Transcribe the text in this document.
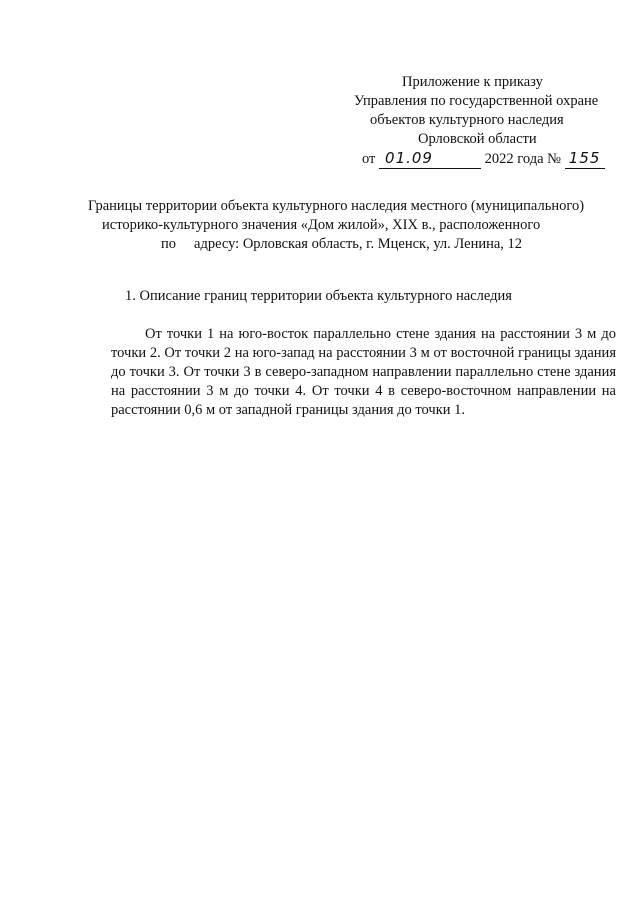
Приложение к приказу
Управления по государственной охране
объектов культурного наследия
Орловской области
от 01.09	2022 года № 155
Границы территории объекта культурного наследия местного (муниципального)
историко-культурного значения «Дом жилой», XIX в., расположенного
по адресу: Орловская область, г. Мценск, ул. Ленина, 12
1. Описание границ территории объекта культурного наследия
От точки 1 на юго-восток параллельно стене здания на расстоянии 3 м до точки 2. От точки 2 на юго-запад на расстоянии 3 м от восточной границы здания до точки 3. От точки 3 в северо-западном направлении параллельно стене здания на расстоянии 3 м до точки 4. От точки 4 в северо-восточном направлении на расстоянии 0,6 м от западной границы здания до точки 1.
